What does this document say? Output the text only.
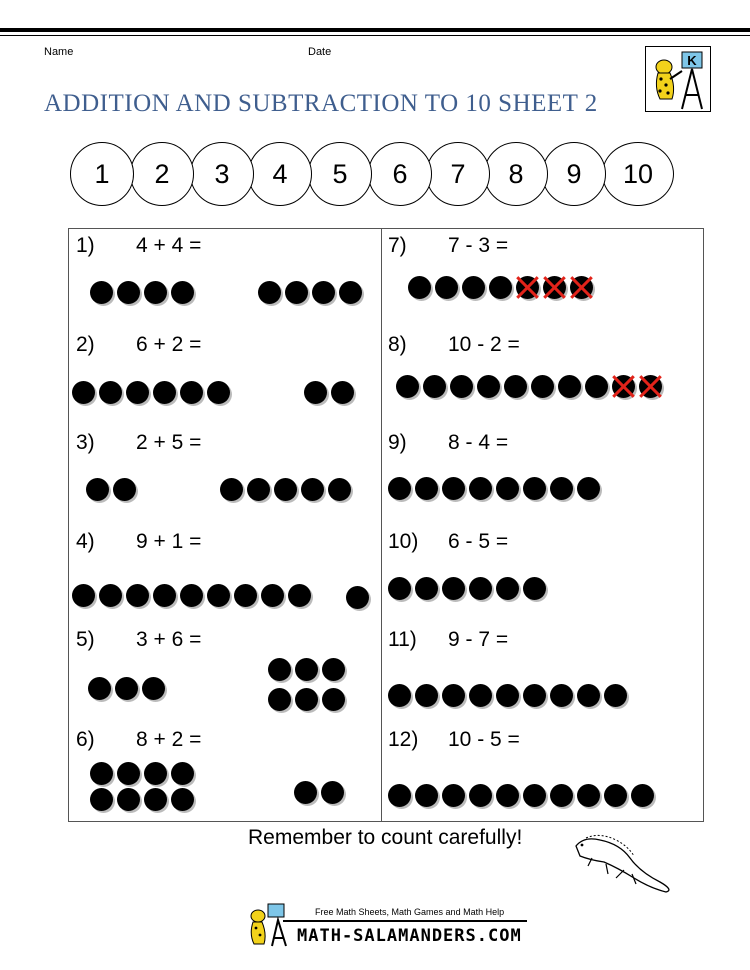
Name	Date
ADDITION AND SUBTRACTION TO 10 SHEET 2
K
1	2	3	4	5	6	7	8	9	10
1) 4 + 4 =
2) 6 + 2 =
3) 2 + 5 =
4) 9 + 1 =
5) 3 + 6 =
6) 8 + 2 =
7) 7 - 3 =
8) 10 - 2 =
9) 8 - 4 =
10) 6 - 5 =
11) 9 - 7 =
12) 10 - 5 =
Remember to count carefully!
Free Math Sheets, Math Games and Math Help
MATH-SALAMANDERS.COM
